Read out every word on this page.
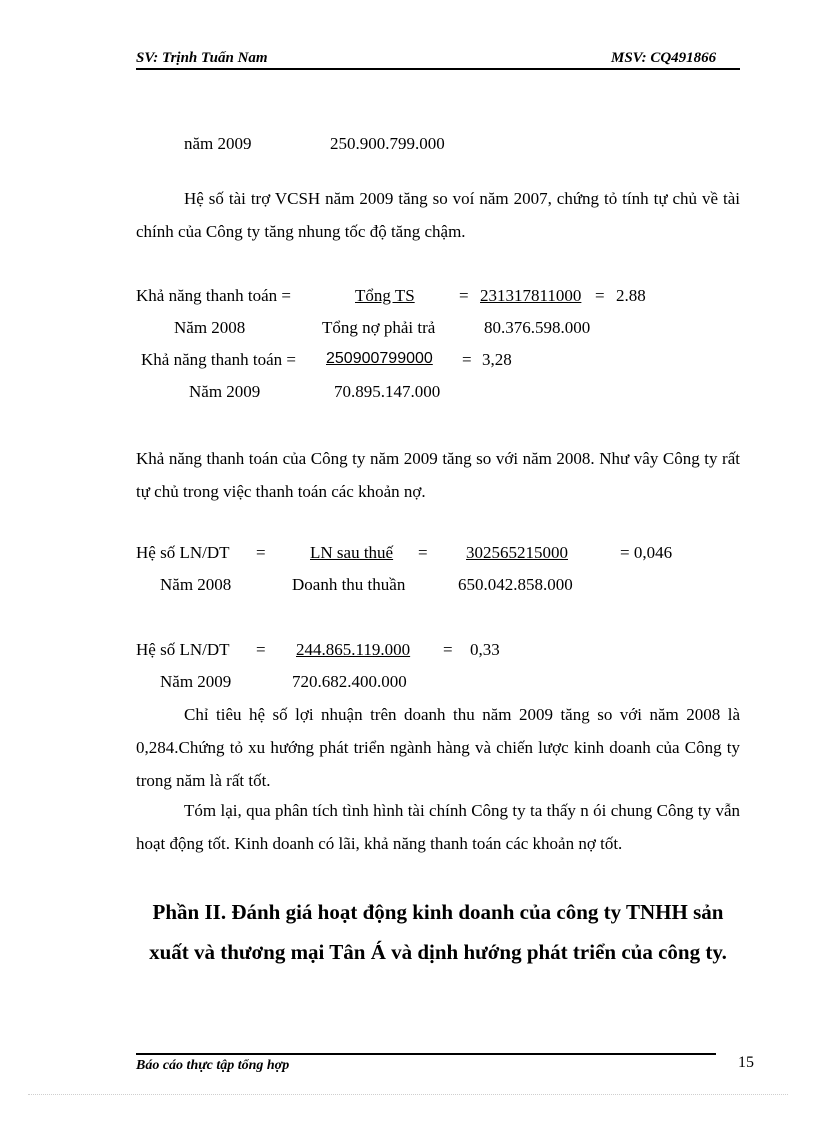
SV: Trịnh Tuấn Nam	MSV: CQ491866
năm 2009	250.900.799.000
Hệ số tài trợ VCSH năm 2009 tăng so voí năm 2007, chứng tỏ tính tự chủ về tài chính của Công ty tăng nhung tốc độ tăng chậm.
Khả năng thanh toán =	Tổng TS	= 231317811000 = 2.88
Năm 2008	Tổng nợ phải trả	80.376.598.000
Khả năng thanh toán = 250900799000 = 3,28
Năm 2009	70.895.147.000
Khả năng thanh toán của Công ty năm 2009 tăng so với năm 2008. Như vây Công ty rất tự chủ trong việc thanh toán các khoản nợ.
Hệ số LN/DT =	LN sau thuế = 302565215000	= 0,046
Năm 2008	Doanh thu thuần	650.042.858.000
Hệ số LN/DT = 244.865.119.000 = 0,33
Năm 2009	720.682.400.000
Chỉ tiêu hệ số lợi nhuận trên doanh thu năm 2009 tăng so với năm 2008 là 0,284.Chứng tỏ xu hướng phát triển ngành hàng và chiến lược kinh doanh của Công ty trong năm là rất tốt.
Tóm lại, qua phân tích tình hình tài chính Công ty ta thấy n ói chung Công ty vẫn hoạt động tốt. Kinh doanh có lãi, khả năng thanh toán các khoản nợ tốt.
Phần II. Đánh giá hoạt động kinh doanh của công ty TNHH sản xuất và thương mại Tân Á và dịnh hướng phát triển của công ty.
Báo cáo thực tập tổng hợp	15
